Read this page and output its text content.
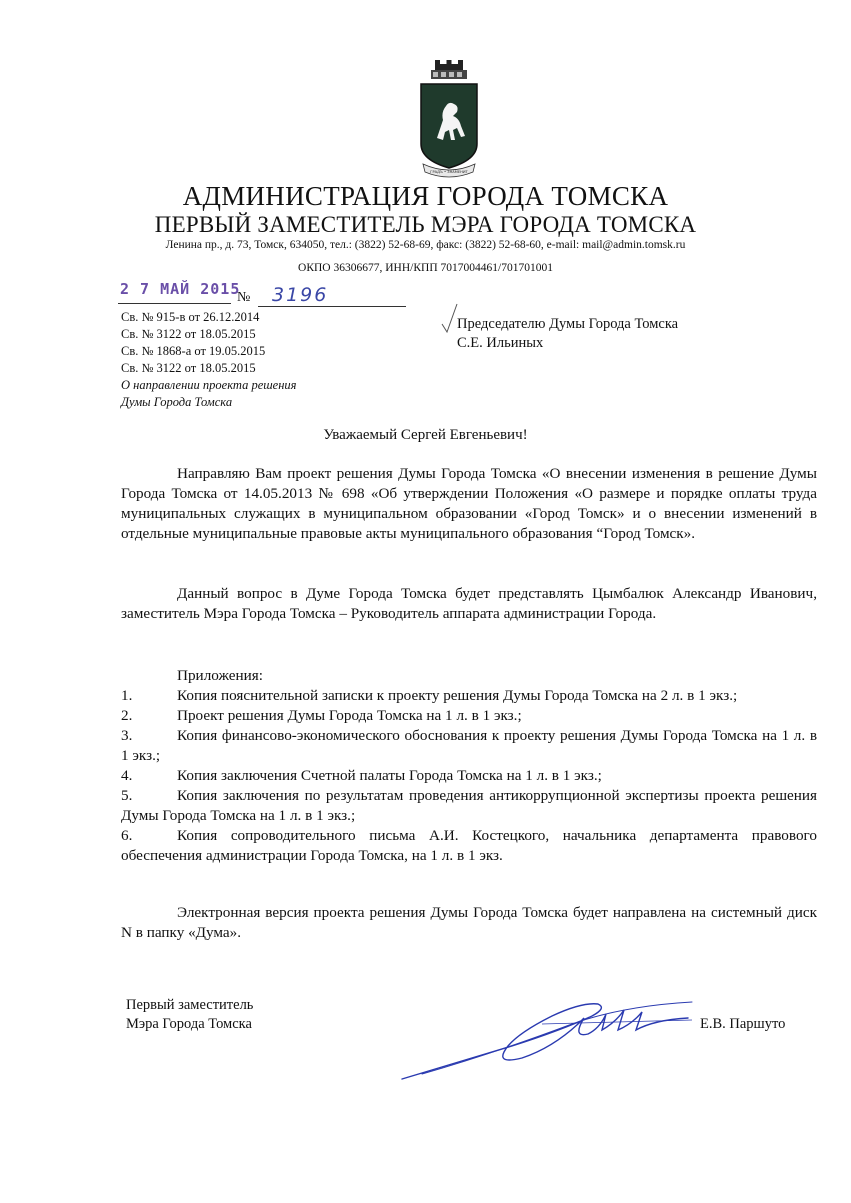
ГРАДЪ • ЗНАМЕНИТ
АДМИНИСТРАЦИЯ ГОРОДА ТОМСКА
ПЕРВЫЙ ЗАМЕСТИТЕЛЬ МЭРА ГОРОДА ТОМСКА
Ленина пр., д. 73, Томск, 634050, тел.: (3822) 52-68-69, факс: (3822) 52-68-60, e-mail: mail@admin.tomsk.ru
ОКПО 36306677, ИНН/КПП 7017004461/701701001
2 7 МАЙ 2015
№ 3196
Св. № 915-в от 26.12.2014
Св. № 3122 от 18.05.2015
Св. № 1868-а от 19.05.2015
Св. № 3122 от 18.05.2015
О направлении проекта решения
Думы Города Томска
Председателю Думы Города Томска
С.Е. Ильиных
Уважаемый Сергей Евгеньевич!
Направляю Вам проект решения Думы Города Томска «О внесении изменения в решение Думы Города Томска от 14.05.2013 № 698 «Об утверждении Положения «О размере и порядке оплаты труда муниципальных служащих в муниципальном образовании «Город Томск» и о внесении изменений в отдельные муниципальные правовые акты муниципального образования “Город Томск».
Данный вопрос в Думе Города Томска будет представлять Цымбалюк Александр Иванович, заместитель Мэра Города Томска – Руководитель аппарата администрации Города.
Приложения:
1.	Копия пояснительной записки к проекту решения Думы Города Томска на 2 л. в 1 экз.;
2.	Проект решения Думы Города Томска на 1 л. в 1 экз.;
3.	Копия финансово-экономического обоснования к проекту решения Думы Города Томска на 1 л. в 1 экз.;
4.	Копия заключения Счетной палаты Города Томска на 1 л. в 1 экз.;
5.	Копия заключения по результатам проведения антикоррупционной экспертизы проекта решения Думы Города Томска на 1 л. в 1 экз.;
6.	Копия сопроводительного письма А.И. Костецкого, начальника департамента правового обеспечения администрации Города Томска, на 1 л. в 1 экз.
Электронная версия проекта решения Думы Города Томска будет направлена на системный диск N в папку «Дума».
Первый заместитель
Мэра Города Томска	Е.В. Паршуто
